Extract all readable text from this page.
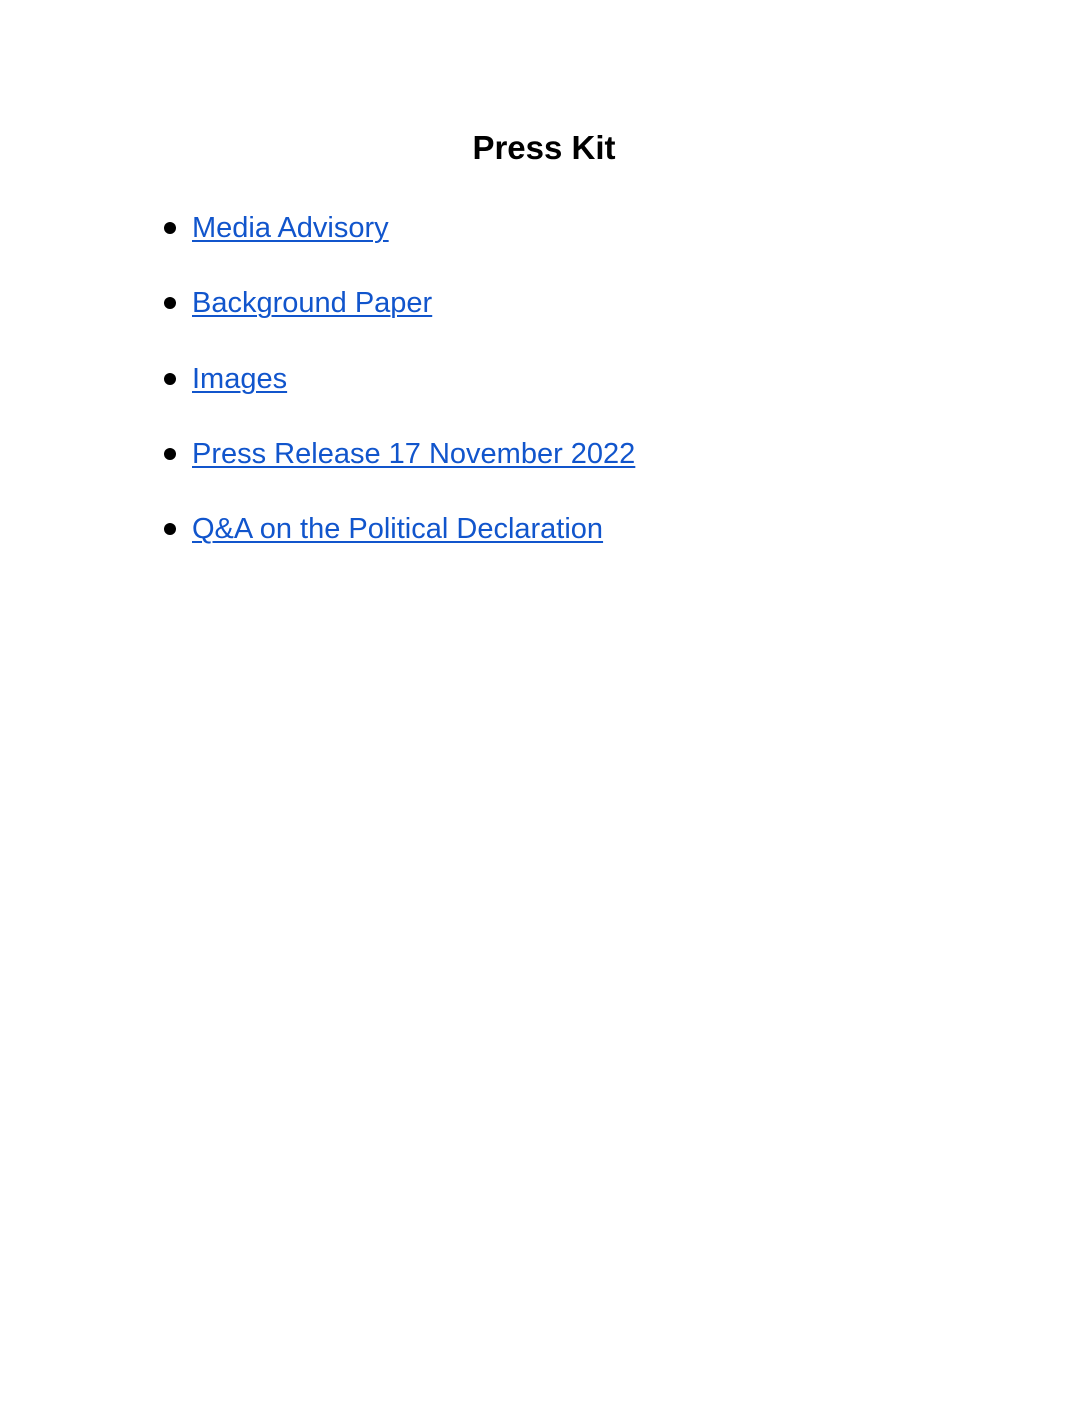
Press Kit
Media Advisory
Background Paper
Images
Press Release 17 November 2022
Q&A on the Political Declaration
